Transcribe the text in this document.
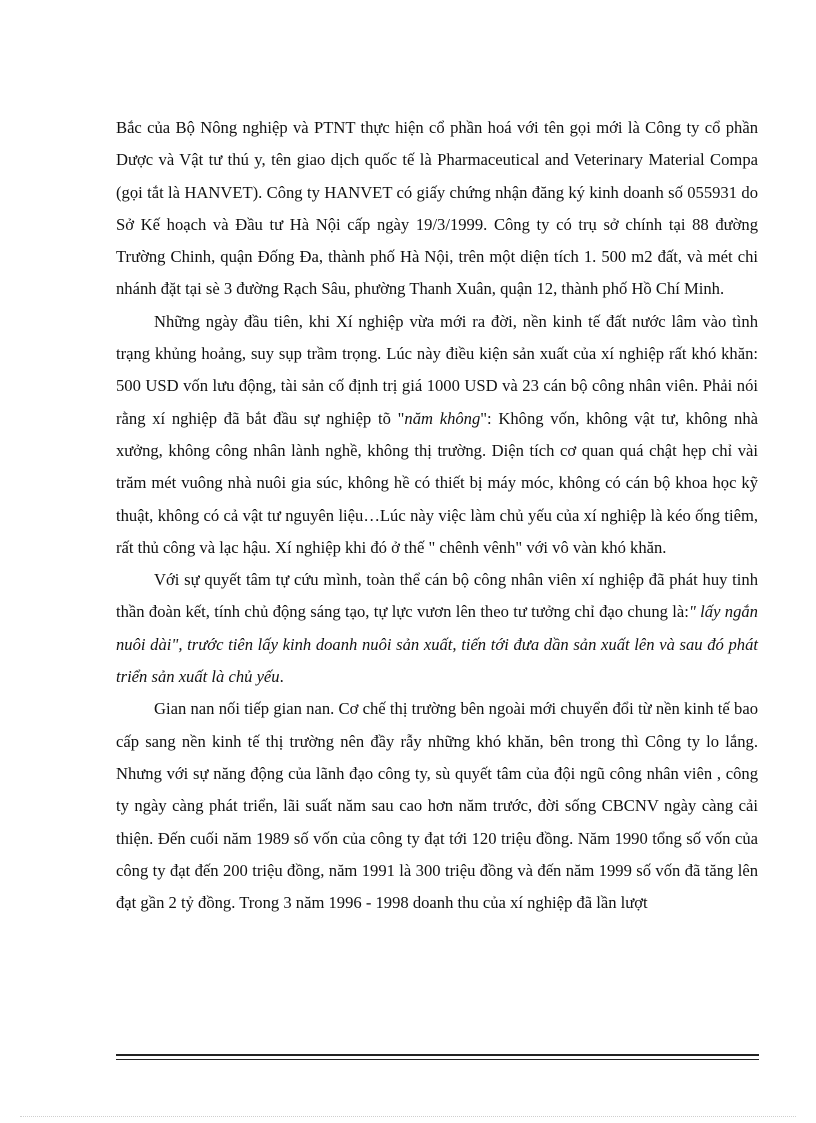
Bắc của Bộ Nông nghiệp và PTNT thực hiện cổ phần hoá với tên gọi mới là Công ty cổ phần Dược và Vật tư thú y, tên giao dịch quốc tế là Pharmaceutical and Veterinary Material Compa (gọi tắt là HANVET). Công ty HANVET có giấy chứng nhận đăng ký kinh doanh số 055931 do Sở Kế hoạch và Đầu tư Hà Nội cấp ngày 19/3/1999. Công ty có trụ sở chính tại 88 đường Trường Chinh, quận Đống Đa, thành phố Hà Nội, trên một diện tích 1. 500 m2 đất, và mét chi nhánh đặt tại sè 3 đường Rạch Sâu, phường Thanh Xuân, quận 12, thành phố Hồ Chí Minh.

Những ngày đầu tiên, khi Xí nghiệp vừa mới ra đời, nền kinh tế đất nước lâm vào tình trạng khủng hoảng, suy sụp trầm trọng. Lúc này điều kiện sản xuất của xí nghiệp rất khó khăn: 500 USD vốn lưu động, tài sản cố định trị giá 1000 USD và 23 cán bộ công nhân viên. Phải nói rằng xí nghiệp đã bắt đầu sự nghiệp tõ "năm không": Không vốn, không vật tư, không nhà xưởng, không công nhân lành nghề, không thị trường. Diện tích cơ quan quá chật hẹp chỉ vài trăm mét vuông nhà nuôi gia súc, không hề có thiết bị máy móc, không có cán bộ khoa học kỹ thuật, không có cả vật tư nguyên liệu…Lúc này việc làm chủ yếu của xí nghiệp là kéo ống tiêm, rất thủ công và lạc hậu. Xí nghiệp khi đó ở thế " chênh vênh" với vô vàn khó khăn.

Với sự quyết tâm tự cứu mình, toàn thể cán bộ công nhân viên xí nghiệp đã phát huy tinh thần đoàn kết, tính chủ động sáng tạo, tự lực vươn lên theo tư tưởng chỉ đạo chung là:" lấy ngắn nuôi dài", trước tiên lấy kinh doanh nuôi sản xuất, tiến tới đưa dần sản xuất lên và sau đó phát triển sản xuất là chủ yếu.

Gian nan nối tiếp gian nan. Cơ chế thị trường bên ngoài mới chuyển đổi từ nền kinh tế bao cấp sang nền kinh tế thị trường nên đầy rẫy những khó khăn, bên trong thì Công ty lo lắng. Nhưng với sự năng động của lãnh đạo công ty, sù quyết tâm của đội ngũ công nhân viên , công ty ngày càng phát triển, lãi suất năm sau cao hơn năm trước, đời sống CBCNV ngày càng cải thiện. Đến cuối năm 1989 số vốn của công ty đạt tới 120 triệu đồng. Năm 1990 tổng số vốn của công ty đạt đến 200 triệu đồng, năm 1991 là 300 triệu đồng và đến năm 1999 số vốn đã tăng lên đạt gần 2 tỷ đồng. Trong 3 năm 1996 - 1998 doanh thu của xí nghiệp đã lần lượt
